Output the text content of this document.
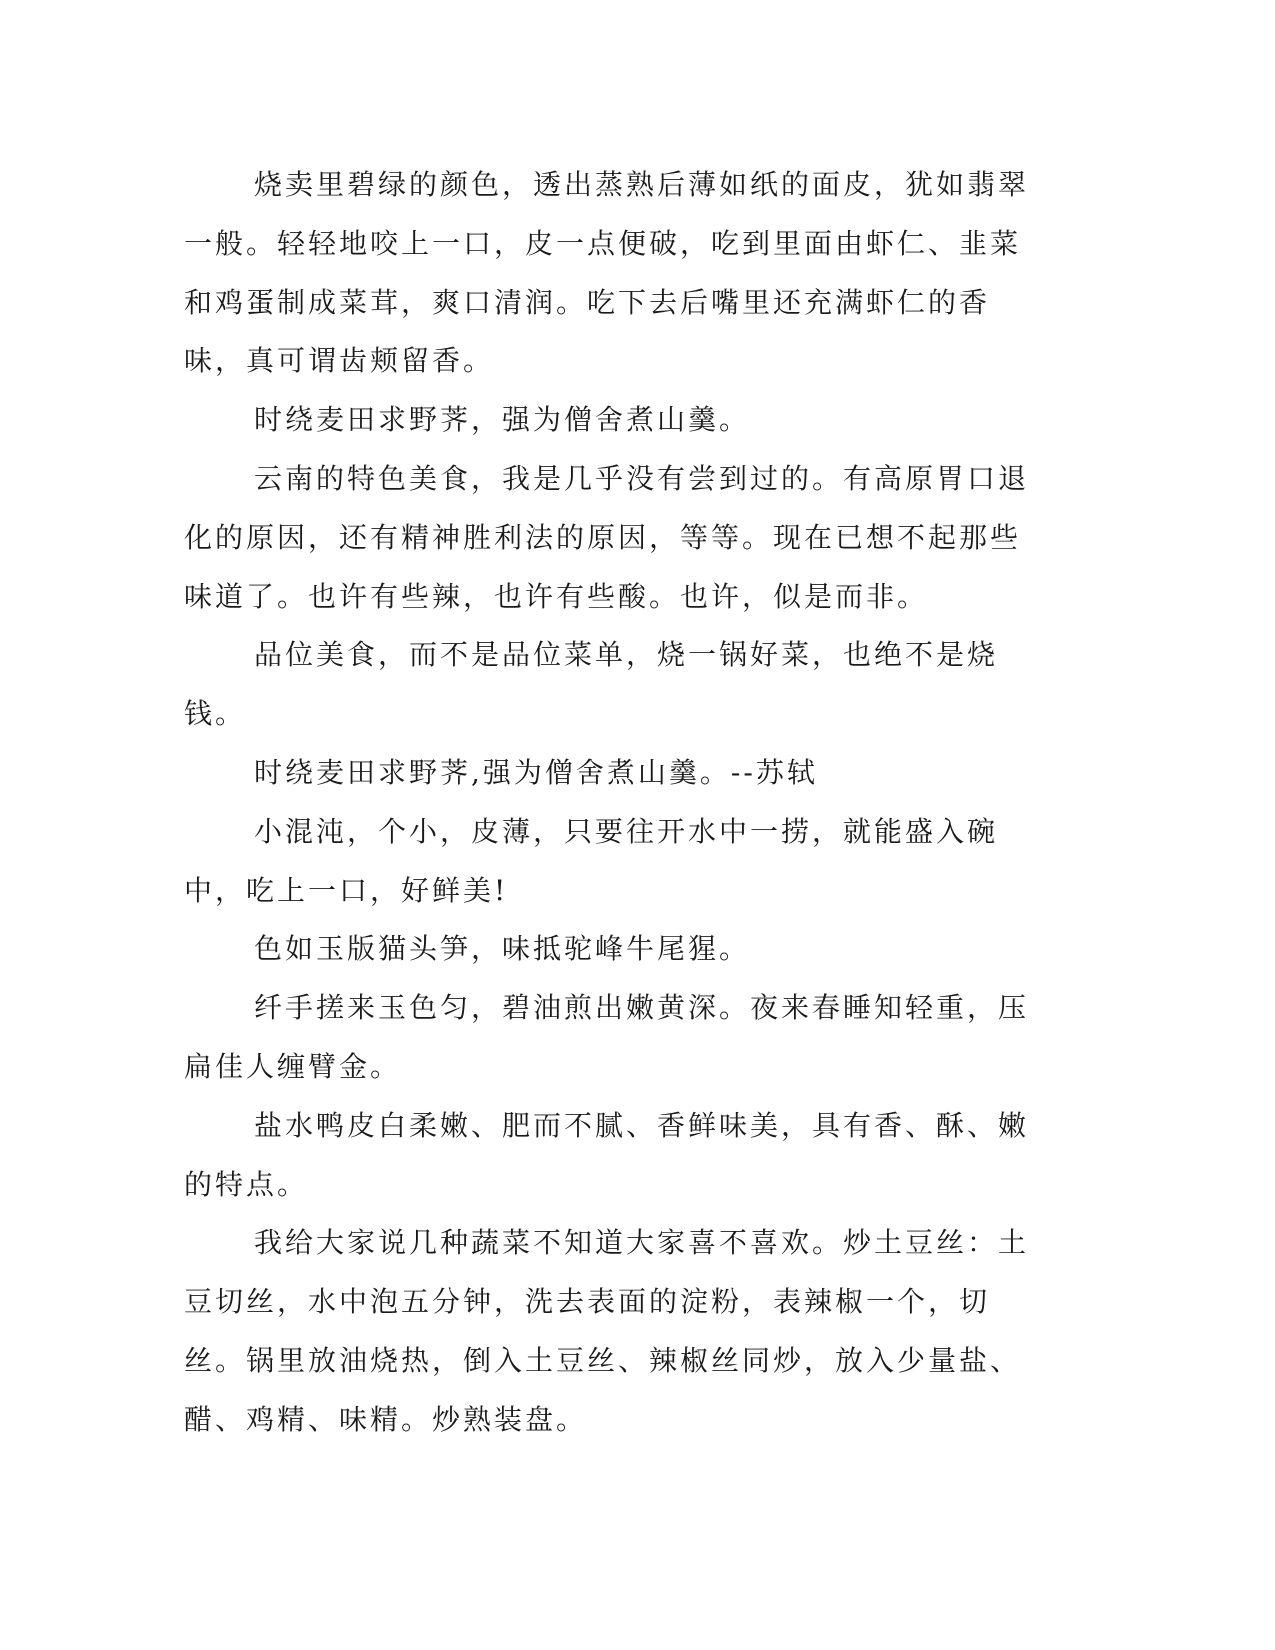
烧卖里碧绿的颜色，透出蒸熟后薄如纸的面皮，犹如翡翠一般。轻轻地咬上一口，皮一点便破，吃到里面由虾仁、韭菜和鸡蛋制成菜茸，爽口清润。吃下去后嘴里还充满虾仁的香味，真可谓齿颊留香。

时绕麦田求野荠，强为僧舍煮山羹。

云南的特色美食，我是几乎没有尝到过的。有高原胃口退化的原因，还有精神胜利法的原因，等等。现在已想不起那些味道了。也许有些辣，也许有些酸。也许，似是而非。

品位美食，而不是品位菜单，烧一锅好菜，也绝不是烧钱。

时绕麦田求野荠,强为僧舍煮山羹。--苏轼

小混沌，个小，皮薄，只要往开水中一捞，就能盛入碗中，吃上一口，好鲜美!

色如玉版猫头笋，味抵驼峰牛尾猩。

纤手搓来玉色匀，碧油煎出嫩黄深。夜来春睡知轻重，压扁佳人缠臂金。

盐水鸭皮白柔嫩、肥而不腻、香鲜味美，具有香、酥、嫩的特点。

我给大家说几种蔬菜不知道大家喜不喜欢。炒土豆丝：土豆切丝，水中泡五分钟，洗去表面的淀粉，表辣椒一个，切丝。锅里放油烧热，倒入土豆丝、辣椒丝同炒，放入少量盐、醋、鸡精、味精。炒熟装盘。
